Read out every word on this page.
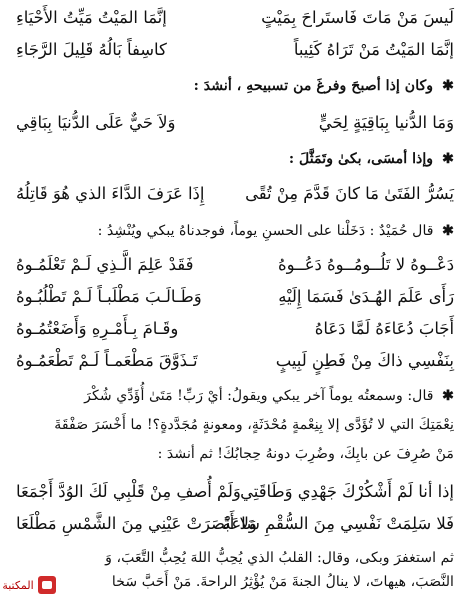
لَيسَ مَنْ مَاتَ فَاستَراحَ بِمَيْتٍ
إنَّمَا المَيْتُ مَيِّتُ الأَحْيَاءِ
إنَّمَا المَيْتُ مَنْ تَرَاهُ كَئِيباً
كاسِفاً بَالُهُ قَلِيلَ الرَّجَاءِ
✱ وكان إذا أصبحَ وفرغَ من تسبيحهِ ، أنشدَ :
وَمَا الدُّنيا بِبَاقِيَةٍ لِحَيٍّ
وَلاَ حَيٌّ عَلَى الدُّنيَا بِبَاقِي
✱ وإذا أمسَى، بكىٰ وتَمَثَّلَ :
يَسُرُّ الفَتَىٰ مَا كانَ قَدَّمَ مِنْ تُقًى
إِذَا عَرَفَ الدَّاءَ الذي هُوَ قَاتِلُهُ
✱ قال حُمَيْدٌ : دَخَلْنا على الحسنِ يوماً، فوجدناهُ يبكي ويُنْشِدُ :
دَعْــوهُ لا تَلُــومُــوهُ دَعُــوهُ
فَقَدْ عَلِمَ الَّـذِي لَـمْ تَعْلَمُـوهُ
رَأَى عَلَمَ الهُـدَىٰ فَسَمَا إِلَيْهِ
وَطَـالَـبَ مَطْلَبـاً لَـمْ تَطْلُبُـوهُ
أَجَابَ دُعَاءَهُ لَمَّا دَعَاهُ
وقَـامَ بِـأَمْـرِهِ وَأَضَعْتُمُـوهُ
بِنَفْسِي ذاكَ مِنْ فَطِنٍ لَبِيبٍ
تَـذَوَّقَ مَطْعَمـاً لَـمْ تَطْعَمُـوهُ
✱ قال: وسمعتُه يوماً آخر يبكي ويقولُ: أيْ رَبِّ! مَتَىٰ أُؤَدِّي شُكْرَ
نِعْمَتِكَ التي لا تُؤَدَّى إلا بِنِعْمةٍ مُحْدَثَةٍ، ومعونةٍ مُجَدَّدةٍ؟! ما أَخْسَرَ صَفْقَةَ
مَنْ صُرِفَ عن بابِكَ، وضُرِبَ دونهُ حِجابُكَ! ثم أنشدَ :
إذا أنا لَمْ أَشْكُرْكَ جَهْدِي وَطَاقَتِي
وَلَمْ أُصفِ مِنْ قَلْبِي لَكَ الوُدَّ أَجْمَعَا
فَلا سَلِمَتْ نَفْسِي مِنَ السُّقْمِ سَاعَةً
وَلا أَبْصَرَتْ عَيْنِي مِنَ الشَّمْسِ مَطْلَعَا
ثم استغفرَ وبكى، وقال: القلبُ الذي يُحِبُّ اللهَ يُحِبُّ التَّعَبَ، وَ
النَّصَبَ، هيهاتَ، لا ينالُ الجنةَ مَنْ يُؤْثِرُ الراحةَ. مَنْ أَحَبَّ سَخا
المكتبة
